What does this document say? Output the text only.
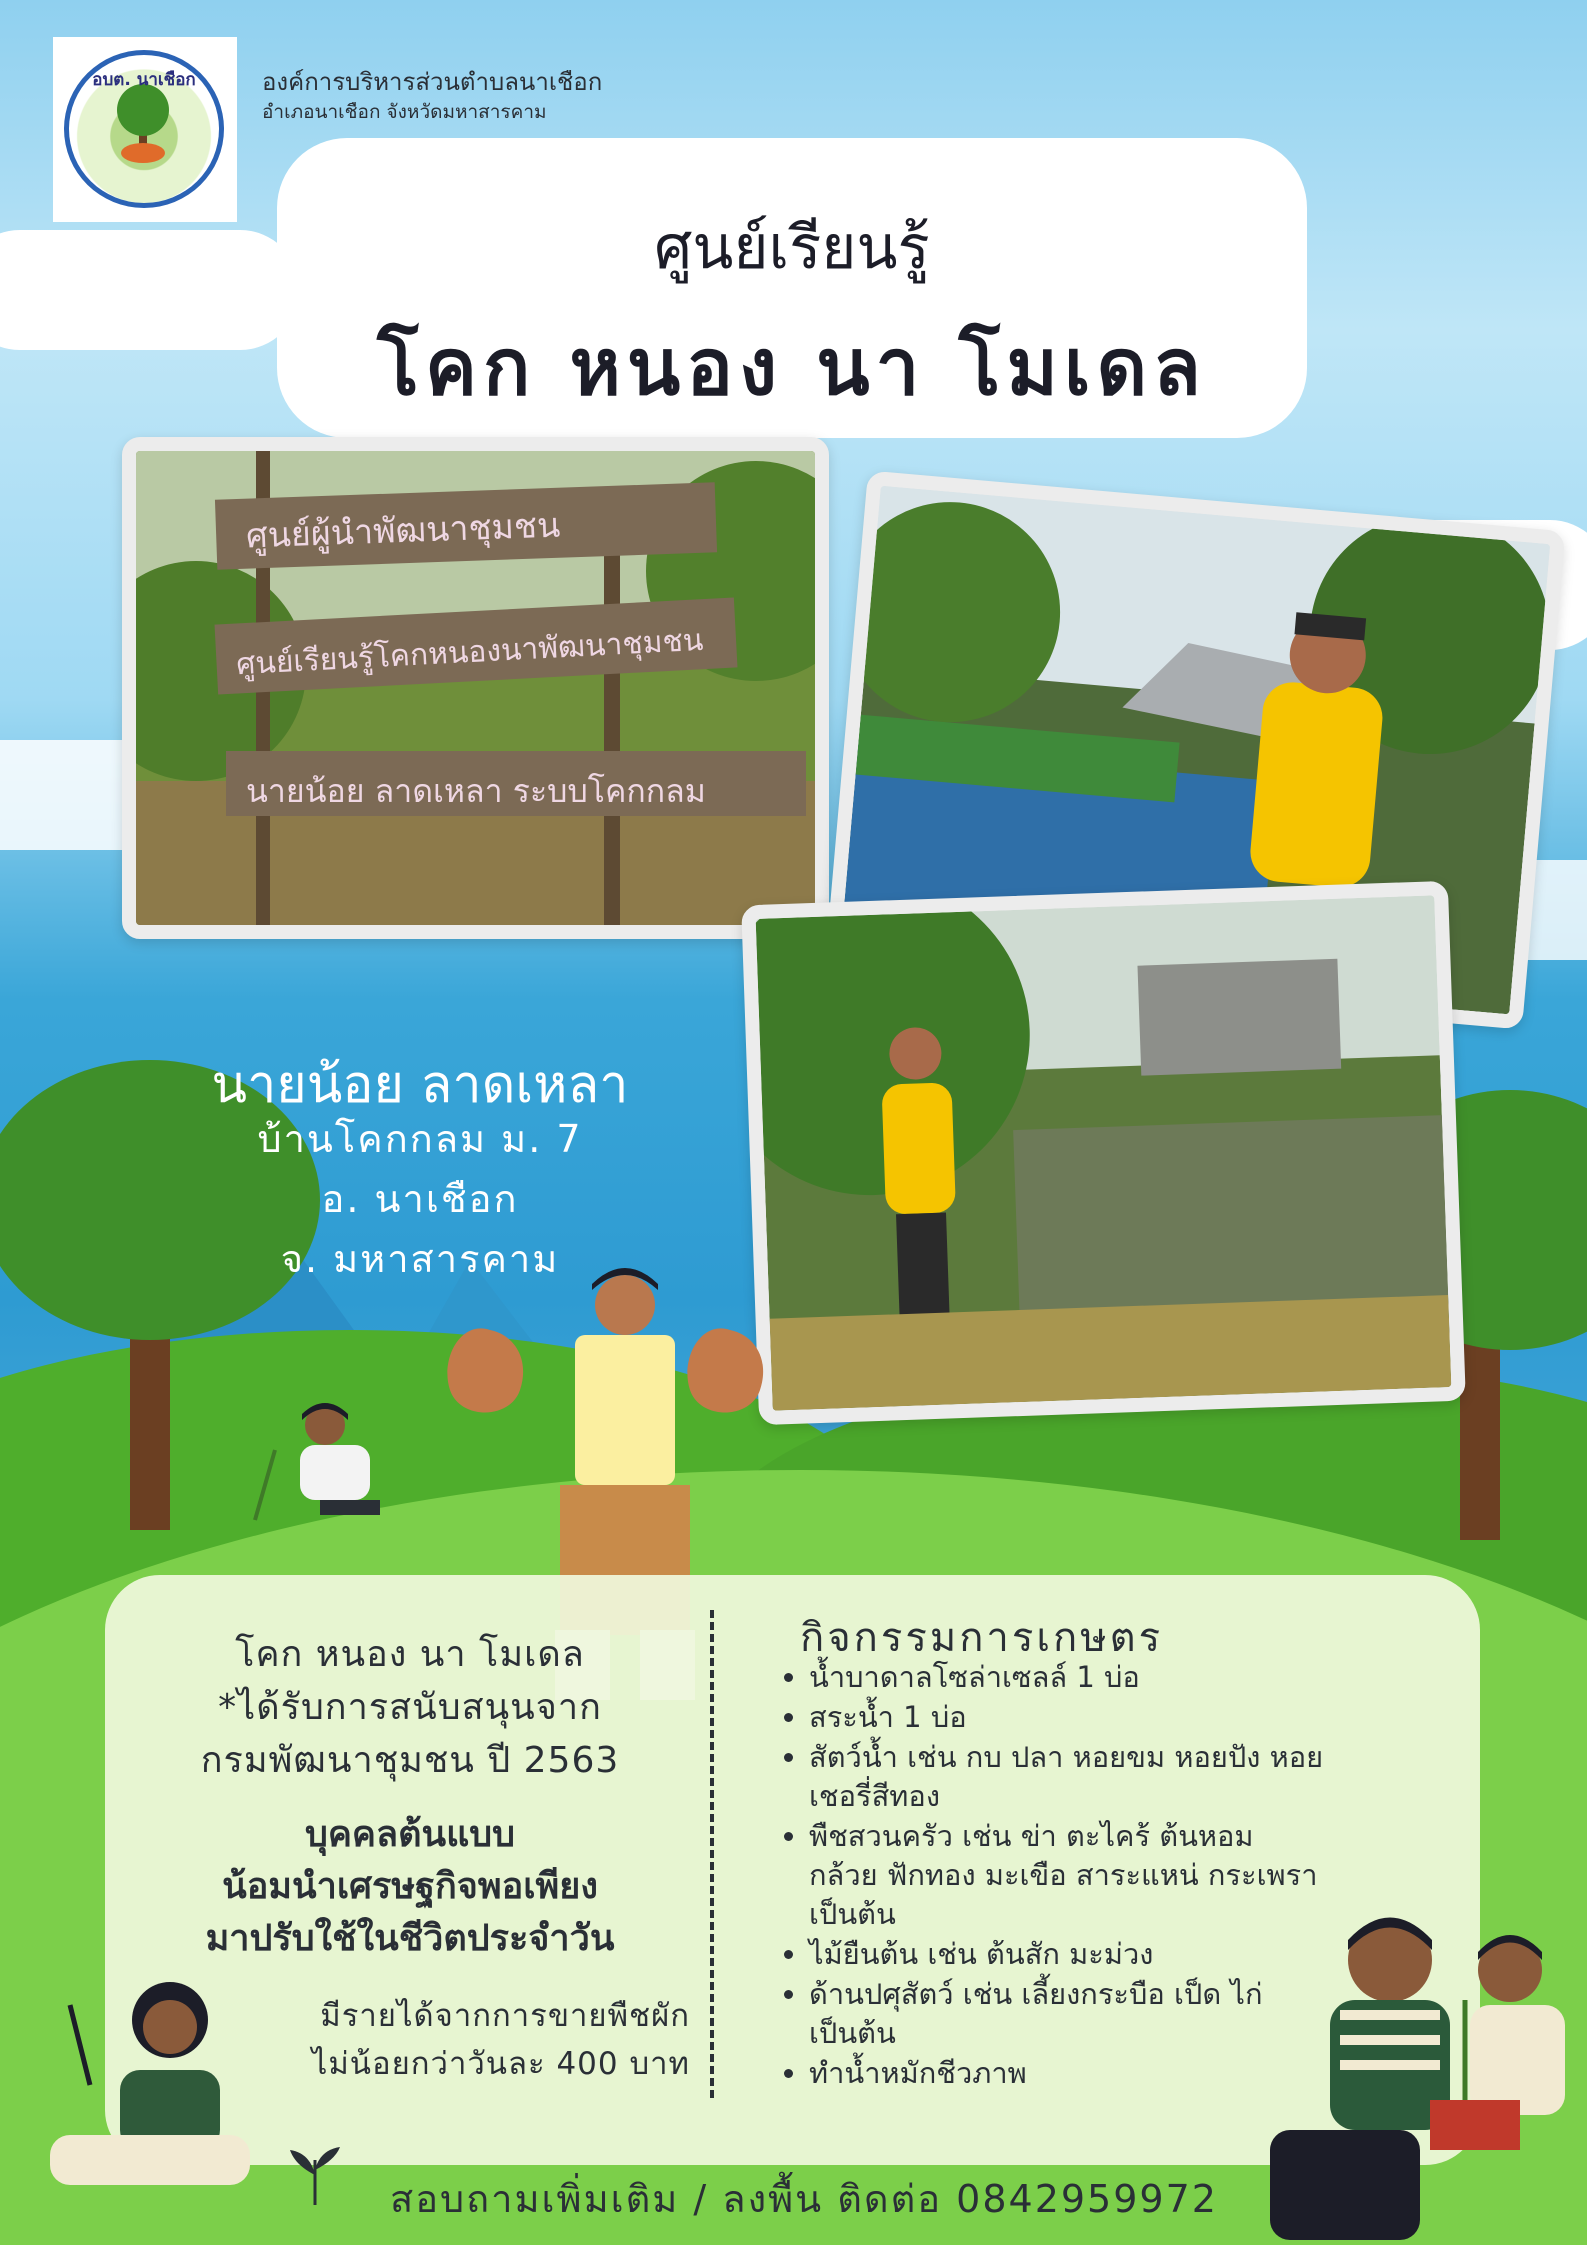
อบต. นาเชือก	องค์การบริหารส่วนตำบลนาเชือก
อำเภอนาเชือก จังหวัดมหาสารคาม
ศูนย์เรียนรู้
โคก หนอง นา โมเดล
ศูนย์ผู้นำพัฒนาชุมชน
ศูนย์เรียนรู้โคกหนองนาพัฒนาชุมชน
นายน้อย ลาดเหลา ระบบโคกกลม
นายน้อย ลาดเหลา
บ้านโคกกลม ม. 7
อ. นาเชือก
จ. มหาสารคาม
โคก หนอง นา โมเดล
*ได้รับการสนับสนุนจาก
กรมพัฒนาชุมชน ปี 2563
บุคคลต้นแบบ
น้อมนำเศรษฐกิจพอเพียง
มาปรับใช้ในชีวิตประจำวัน
มีรายได้จากการขายพืชผัก
ไม่น้อยกว่าวันละ 400 บาท
กิจกรรมการเกษตร
• น้ำบาดาลโซล่าเซลล์ 1 บ่อ
• สระน้ำ 1 บ่อ
• สัตว์น้ำ เช่น กบ ปลา หอยขม หอยปัง หอยเชอรี่สีทอง
• พืชสวนครัว เช่น ข่า ตะไคร้ ต้นหอม กล้วย ฟักทอง มะเขือ สาระแหน่ กระเพรา เป็นต้น
• ไม้ยืนต้น เช่น ต้นสัก มะม่วง
• ด้านปศุสัตว์ เช่น เลี้ยงกระบือ เป็ด ไก่ เป็นต้น
• ทำน้ำหมักชีวภาพ
สอบถามเพิ่มเติม / ลงพื้น ติดต่อ 0842959972
